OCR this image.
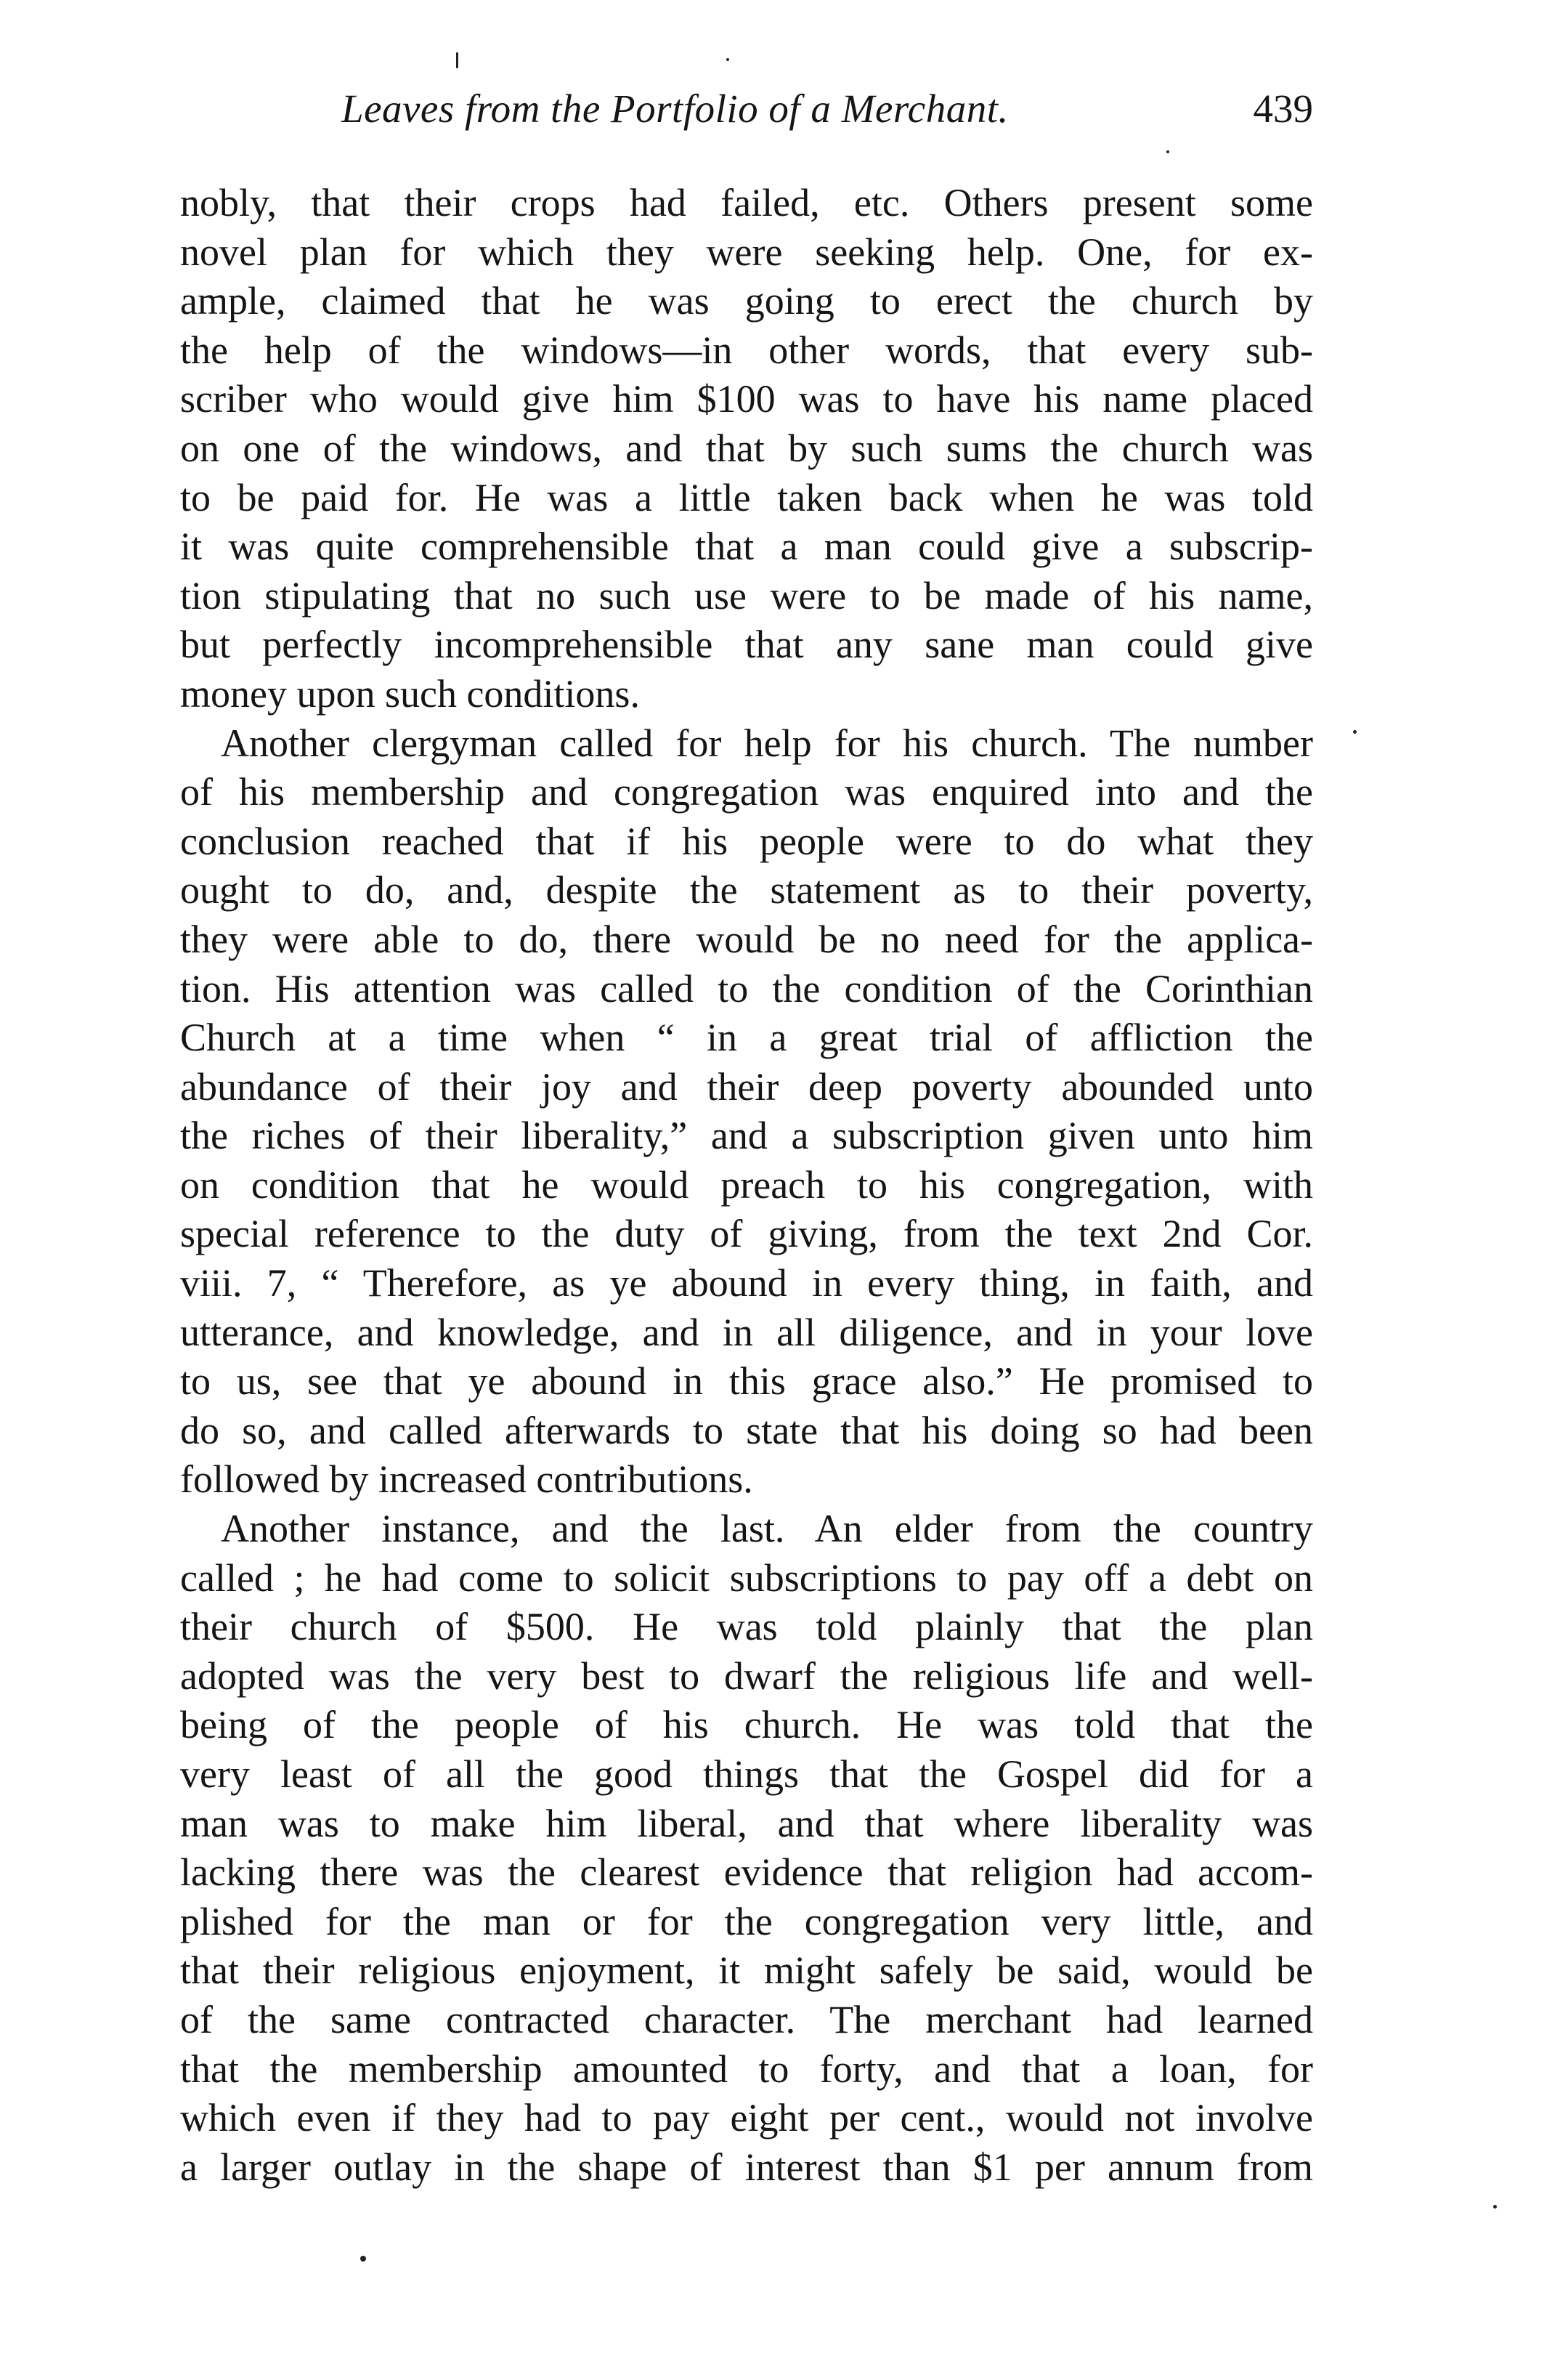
Leaves from the Portfolio of a Merchant.	439
nobly, that their crops had failed, etc. Others present some
novel plan for which they were seeking help. One, for ex-
ample, claimed that he was going to erect the church by
the help of the windows—in other words, that every sub-
scriber who would give him $100 was to have his name placed
on one of the windows, and that by such sums the church was
to be paid for. He was a little taken back when he was told
it was quite comprehensible that a man could give a subscrip-
tion stipulating that no such use were to be made of his name,
but perfectly incomprehensible that any sane man could give
money upon such conditions.
Another clergyman called for help for his church. The number
of his membership and congregation was enquired into and the
conclusion reached that if his people were to do what they
ought to do, and, despite the statement as to their poverty,
they were able to do, there would be no need for the applica-
tion. His attention was called to the condition of the Corinthian
Church at a time when “ in a great trial of affliction the
abundance of their joy and their deep poverty abounded unto
the riches of their liberality,” and a subscription given unto him
on condition that he would preach to his congregation, with
special reference to the duty of giving, from the text 2nd Cor.
viii. 7, “ Therefore, as ye abound in every thing, in faith, and
utterance, and knowledge, and in all diligence, and in your love
to us, see that ye abound in this grace also.” He promised to
do so, and called afterwards to state that his doing so had been
followed by increased contributions.
Another instance, and the last. An elder from the country
called ; he had come to solicit subscriptions to pay off a debt on
their church of $500. He was told plainly that the plan
adopted was the very best to dwarf the religious life and well-
being of the people of his church. He was told that the
very least of all the good things that the Gospel did for a
man was to make him liberal, and that where liberality was
lacking there was the clearest evidence that religion had accom-
plished for the man or for the congregation very little, and
that their religious enjoyment, it might safely be said, would be
of the same contracted character. The merchant had learned
that the membership amounted to forty, and that a loan, for
which even if they had to pay eight per cent., would not involve
a larger outlay in the shape of interest than $1 per annum from
